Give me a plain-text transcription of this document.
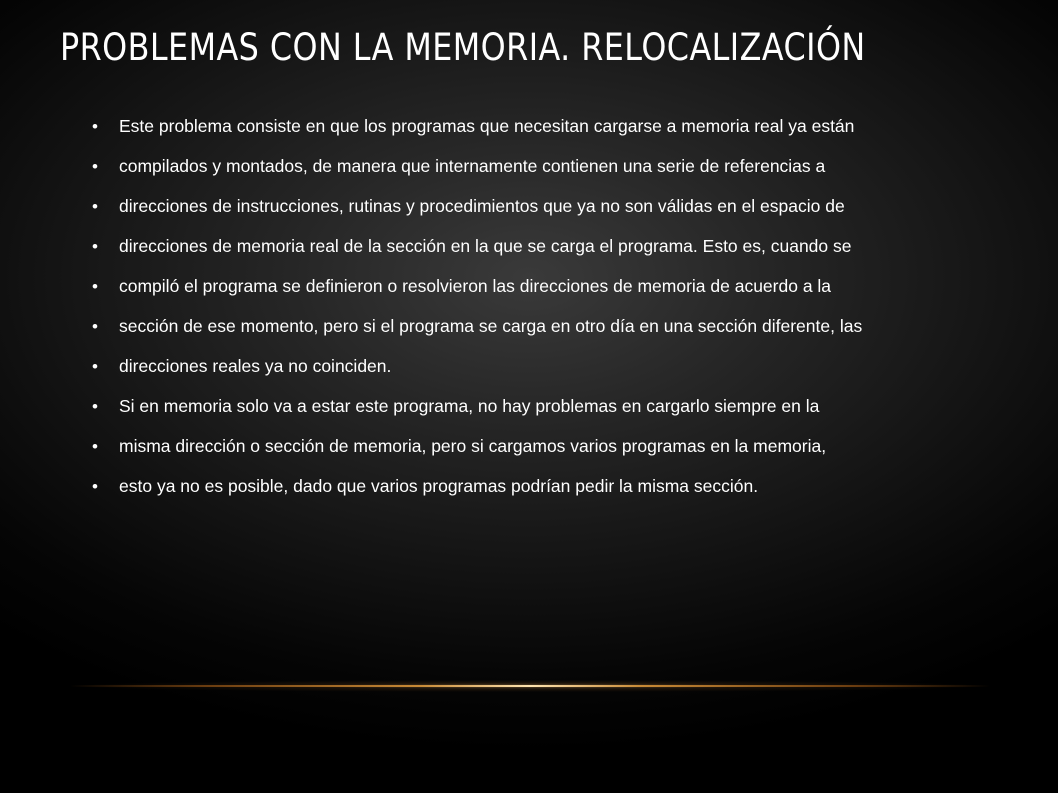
PROBLEMAS CON LA MEMORIA. RELOCALIZACIÓN
• Este problema consiste en que los programas que necesitan cargarse a memoria real ya están
• compilados y montados, de manera que internamente contienen una serie de referencias a
• direcciones de instrucciones, rutinas y procedimientos que ya no son válidas en el espacio de
• direcciones de memoria real de la sección en la que se carga el programa. Esto es, cuando se
• compiló el programa se definieron o resolvieron las direcciones de memoria de acuerdo a la
• sección de ese momento, pero si el programa se carga en otro día en una sección diferente, las
• direcciones reales ya no coinciden.
• Si en memoria solo va a estar este programa, no hay problemas en cargarlo siempre en la
• misma dirección o sección de memoria, pero si cargamos varios programas en la memoria,
• esto ya no es posible, dado que varios programas podrían pedir la misma sección.
